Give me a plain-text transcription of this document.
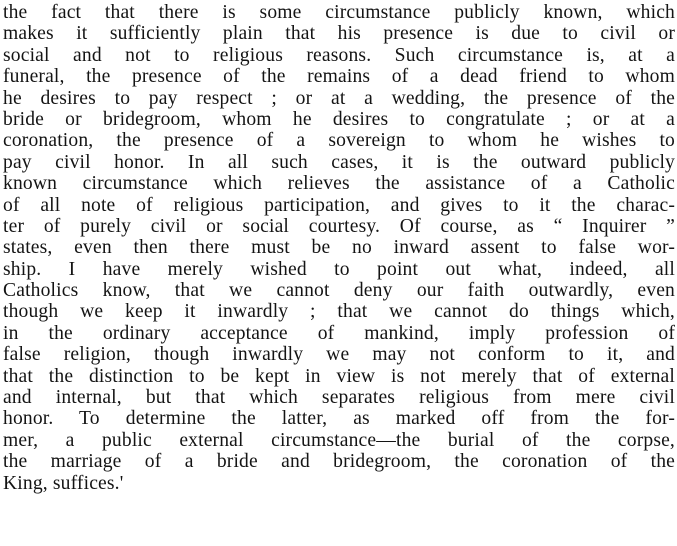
the fact that there is some circumstance publicly known, which
makes it sufficiently plain that his presence is due to civil or
social and not to religious reasons. Such circumstance is, at a
funeral, the presence of the remains of a dead friend to whom
he desires to pay respect ; or at a wedding, the presence of the
bride or bridegroom, whom he desires to congratulate ; or at a
coronation, the presence of a sovereign to whom he wishes to
pay civil honor. In all such cases, it is the outward publicly
known circumstance which relieves the assistance of a Catholic
of all note of religious participation, and gives to it the charac-
ter of purely civil or social courtesy. Of course, as “ Inquirer ”
states, even then there must be no inward assent to false wor-
ship. I have merely wished to point out what, indeed, all
Catholics know, that we cannot deny our faith outwardly, even
though we keep it inwardly ; that we cannot do things which,
in the ordinary acceptance of mankind, imply profession of
false religion, though inwardly we may not conform to it, and
that the distinction to be kept in view is not merely that of external
and internal, but that which separates religious from mere civil
honor. To determine the latter, as marked off from the for-
mer, a public external circumstance—the burial of the corpse,
the marriage of a bride and bridegroom, the coronation of the
King, suffices.'
